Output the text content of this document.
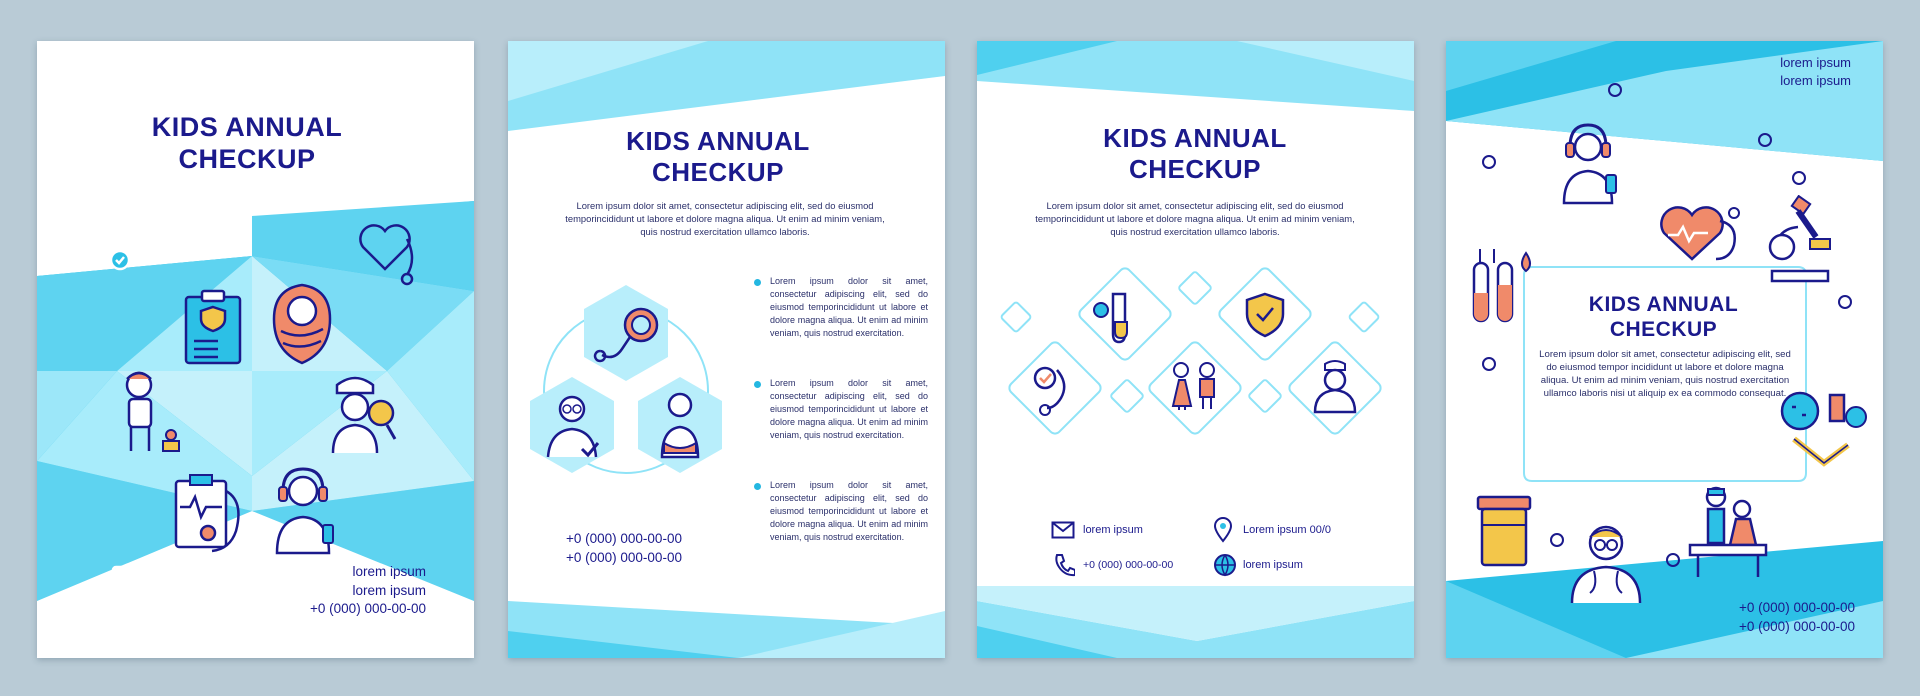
KIDS ANNUAL
CHECKUP
lorem ipsum
lorem ipsum
+0 (000) 000-00-00
KIDS ANNUAL
CHECKUP
Lorem ipsum dolor sit amet, consectetur adipiscing elit, sed do eiusmod temporincididunt ut labore et dolore magna aliqua. Ut enim ad minim veniam, quis nostrud exercitation ullamco laboris.
Lorem ipsum dolor sit amet, consectetur adipiscing elit, sed do eiusmod temporincididunt ut labore et dolore magna aliqua. Ut enim ad minim veniam, quis nostrud exercitation.
Lorem ipsum dolor sit amet, consectetur adipiscing elit, sed do eiusmod temporincididunt ut labore et dolore magna aliqua. Ut enim ad minim veniam, quis nostrud exercitation.
Lorem ipsum dolor sit amet, consectetur adipiscing elit, sed do eiusmod temporincididunt ut labore et dolore magna aliqua. Ut enim ad minim veniam, quis nostrud exercitation.
+0 (000) 000-00-00
+0 (000) 000-00-00
KIDS ANNUAL
CHECKUP
Lorem ipsum dolor sit amet, consectetur adipiscing elit, sed do eiusmod temporincididunt ut labore et dolore magna aliqua. Ut enim ad minim veniam, quis nostrud exercitation ullamco laboris.
lorem ipsum	Lorem ipsum 00/0
+0 (000) 000-00-00	lorem ipsum
lorem ipsum
lorem ipsum
KIDS ANNUAL
CHECKUP
Lorem ipsum dolor sit amet, consectetur adipiscing elit, sed do eiusmod tempor incididunt ut labore et dolore magna aliqua. Ut enim ad minim veniam, quis nostrud exercitation ullamco laboris nisi ut aliquip ex ea commodo consequat.
+0 (000) 000-00-00
+0 (000) 000-00-00
